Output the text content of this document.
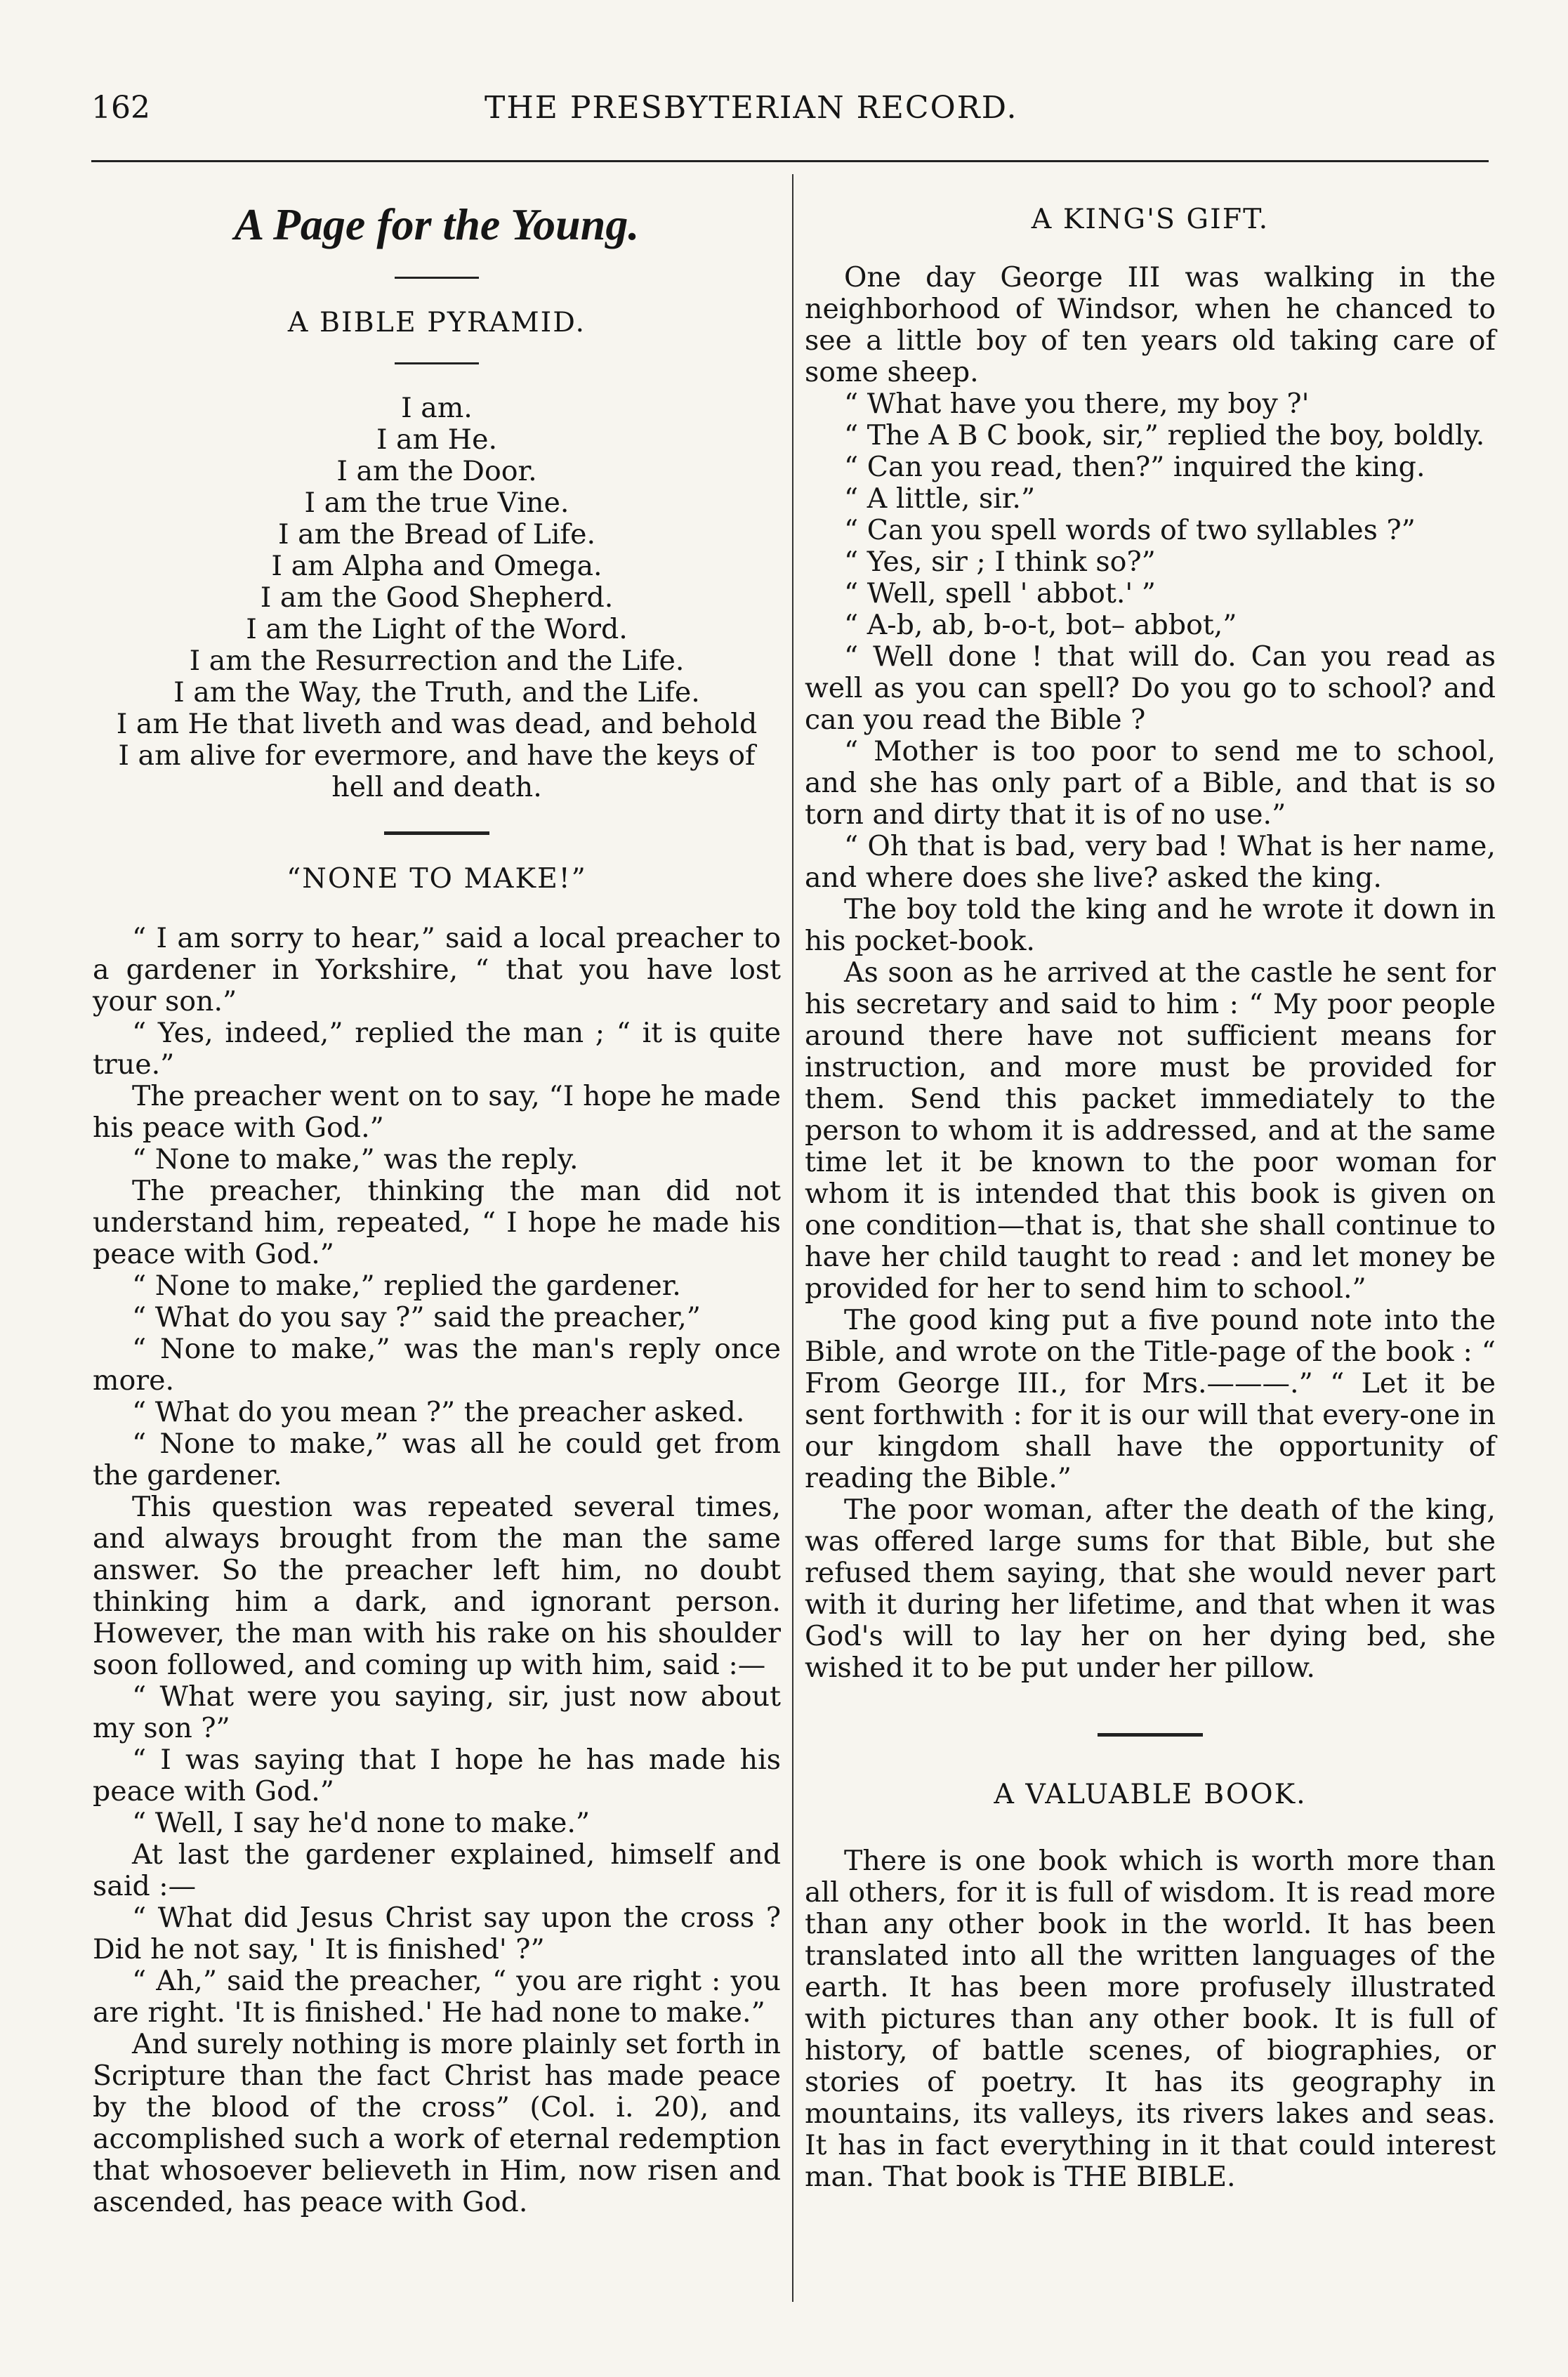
162	THE PRESBYTERIAN RECORD.
A Page for the Young.

A BIBLE PYRAMID.

I am.

I am He.

I am the Door.

I am the true Vine.

I am the Bread of Life.

I am Alpha and Omega.

I am the Good Shepherd.

I am the Light of the Word.

I am the Resurrection and the Life.

I am the Way, the Truth, and the Life.

I am He that liveth and was dead, and behold

I am alive for evermore, and have the keys of

hell and death.

“NONE TO MAKE!”

“ I am sorry to hear,” said a local preacher to a gardener in Yorkshire, “ that you have lost your son.”

“ Yes, indeed,” replied the man ; “ it is quite true.”

The preacher went on to say, “I hope he made his peace with God.”

“ None to make,” was the reply.

The preacher, thinking the man did not understand him, repeated, “ I hope he made his peace with God.”

“ None to make,” replied the gardener.

“ What do you say ?” said the preacher,”

“ None to make,” was the man's reply once more.

“ What do you mean ?” the preacher asked.

“ None to make,” was all he could get from the gardener.

This question was repeated several times, and always brought from the man the same answer. So the preacher left him, no doubt thinking him a dark, and ignorant person. However, the man with his rake on his shoulder soon followed, and coming up with him, said :—

“ What were you saying, sir, just now about my son ?”

“ I was saying that I hope he has made his peace with God.”

“ Well, I say he'd none to make.”

At last the gardener explained, himself and said :—

“ What did Jesus Christ say upon the cross ? Did he not say, ' It is finished' ?”

“ Ah,” said the preacher, “ you are right : you are right. 'It is finished.' He had none to make.”

And surely nothing is more plainly set forth in Scripture than the fact Christ has made peace by the blood of the cross” (Col. i. 20), and accomplished such a work of eternal redemption that whosoever believeth in Him, now risen and ascended, has peace with God.

A KING'S GIFT.

One day George III was walking in the neighborhood of Windsor, when he chanced to see a little boy of ten years old taking care of some sheep.

“ What have you there, my boy ?'

“ The A B C book, sir,” replied the boy, boldly.

“ Can you read, then?” inquired the king.

“ A little, sir.”

“ Can you spell words of two syllables ?”

“ Yes, sir ; I think so?”

“ Well, spell ' abbot.' ”

“ A-b, ab, b-o-t, bot– abbot,”

“ Well done ! that will do. Can you read as well as you can spell? Do you go to school? and can you read the Bible ?

“ Mother is too poor to send me to school, and she has only part of a Bible, and that is so torn and dirty that it is of no use.”

“ Oh that is bad, very bad ! What is her name, and where does she live? asked the king.

The boy told the king and he wrote it down in his pocket-book.

As soon as he arrived at the castle he sent for his secretary and said to him : “ My poor people around there have not sufficient means for instruction, and more must be provided for them. Send this packet immediately to the person to whom it is addressed, and at the same time let it be known to the poor woman for whom it is intended that this book is given on one condition—that is, that she shall continue to have her child taught to read : and let money be provided for her to send him to school.”

The good king put a five pound note into the Bible, and wrote on the Title-page of the book : “ From George III., for Mrs.———.” “ Let it be sent forthwith : for it is our will that every-one in our kingdom shall have the opportunity of reading the Bible.”

The poor woman, after the death of the king, was offered large sums for that Bible, but she refused them saying, that she would never part with it during her lifetime, and that when it was God's will to lay her on her dying bed, she wished it to be put under her pillow.

A VALUABLE BOOK.

There is one book which is worth more than all others, for it is full of wisdom. It is read more than any other book in the world. It has been translated into all the written languages of the earth. It has been more profusely illustrated with pictures than any other book. It is full of history, of battle scenes, of biographies, or stories of poetry. It has its geography in mountains, its valleys, its rivers lakes and seas. It has in fact everything in it that could interest man. That book is THE BIBLE.
